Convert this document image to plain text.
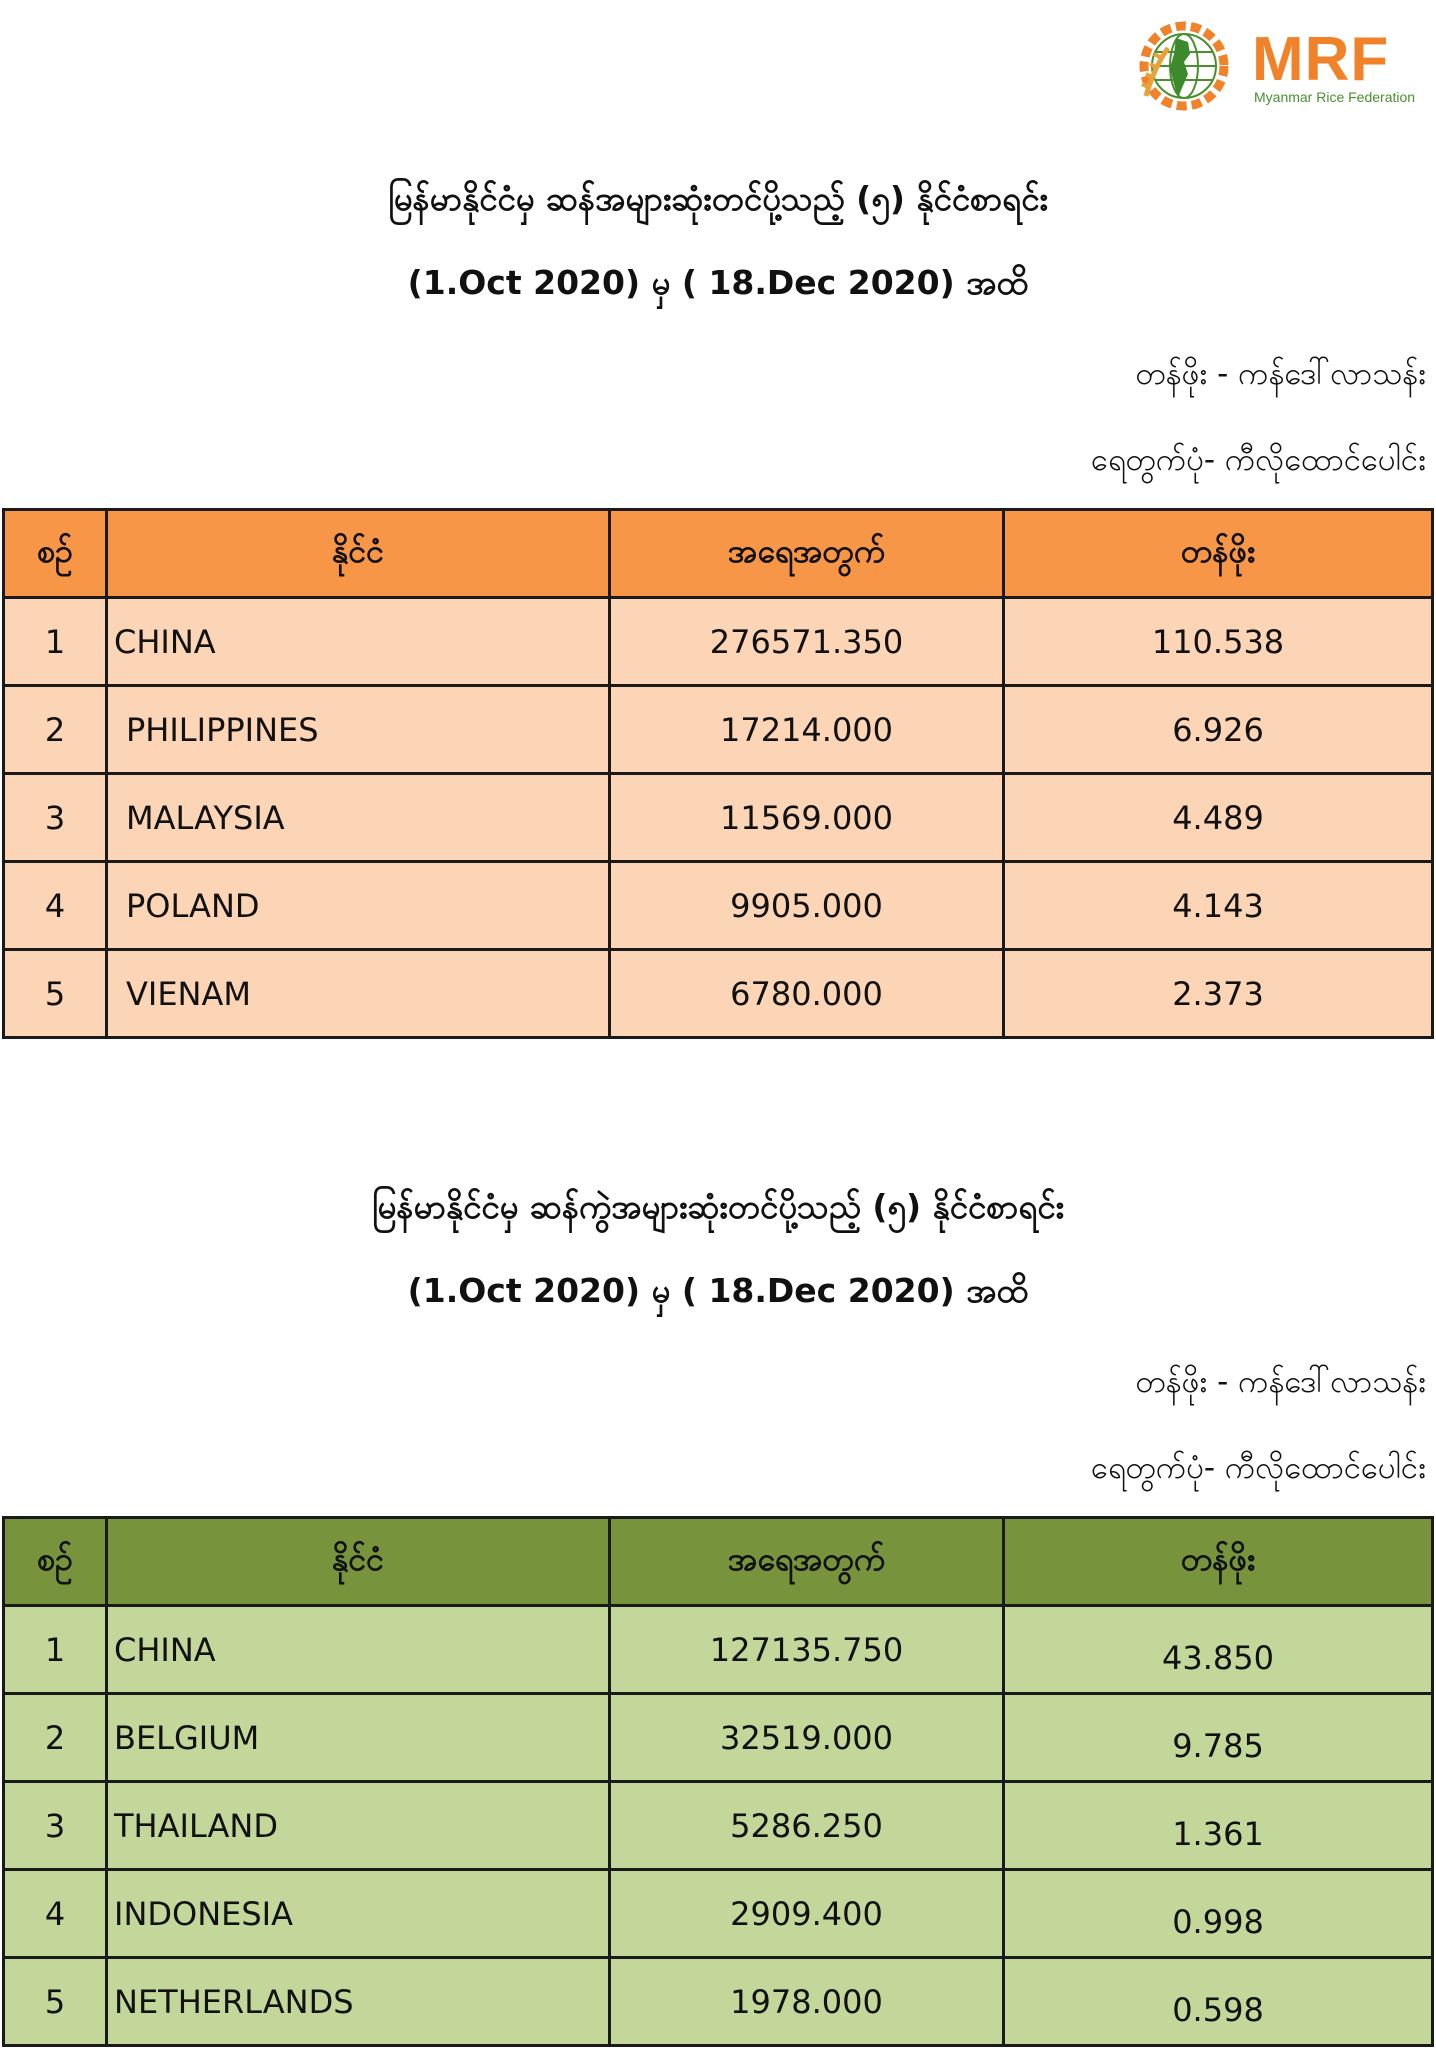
MRF
Myanmar Rice Federation
မြန်မာနိုင်ငံမှ ဆန်အများဆုံးတင်ပို့သည့် (၅) နိုင်ငံစာရင်း
(1.Oct 2020) မှ ( 18.Dec 2020) အထိ
တန်ဖိုး - ကန်ဒေါ်လာသန်း
ရေတွက်ပုံ- ကီလိုထောင်ပေါင်း
စဉ်	နိုင်ငံ	အရေအတွက်	တန်ဖိုး
1	CHINA	276571.350	110.538
2	PHILIPPINES	17214.000	6.926
3	MALAYSIA	11569.000	4.489
4	POLAND	9905.000	4.143
5	VIENAM	6780.000	2.373
မြန်မာနိုင်ငံမှ ဆန်ကွဲအများဆုံးတင်ပို့သည့် (၅) နိုင်ငံစာရင်း
(1.Oct 2020) မှ ( 18.Dec 2020) အထိ
တန်ဖိုး - ကန်ဒေါ်လာသန်း
ရေတွက်ပုံ- ကီလိုထောင်ပေါင်း
စဉ်	နိုင်ငံ	အရေအတွက်	တန်ဖိုး
1	CHINA	127135.750	43.850
2	BELGIUM	32519.000	9.785
3	THAILAND	5286.250	1.361
4	INDONESIA	2909.400	0.998
5	NETHERLANDS	1978.000	0.598
